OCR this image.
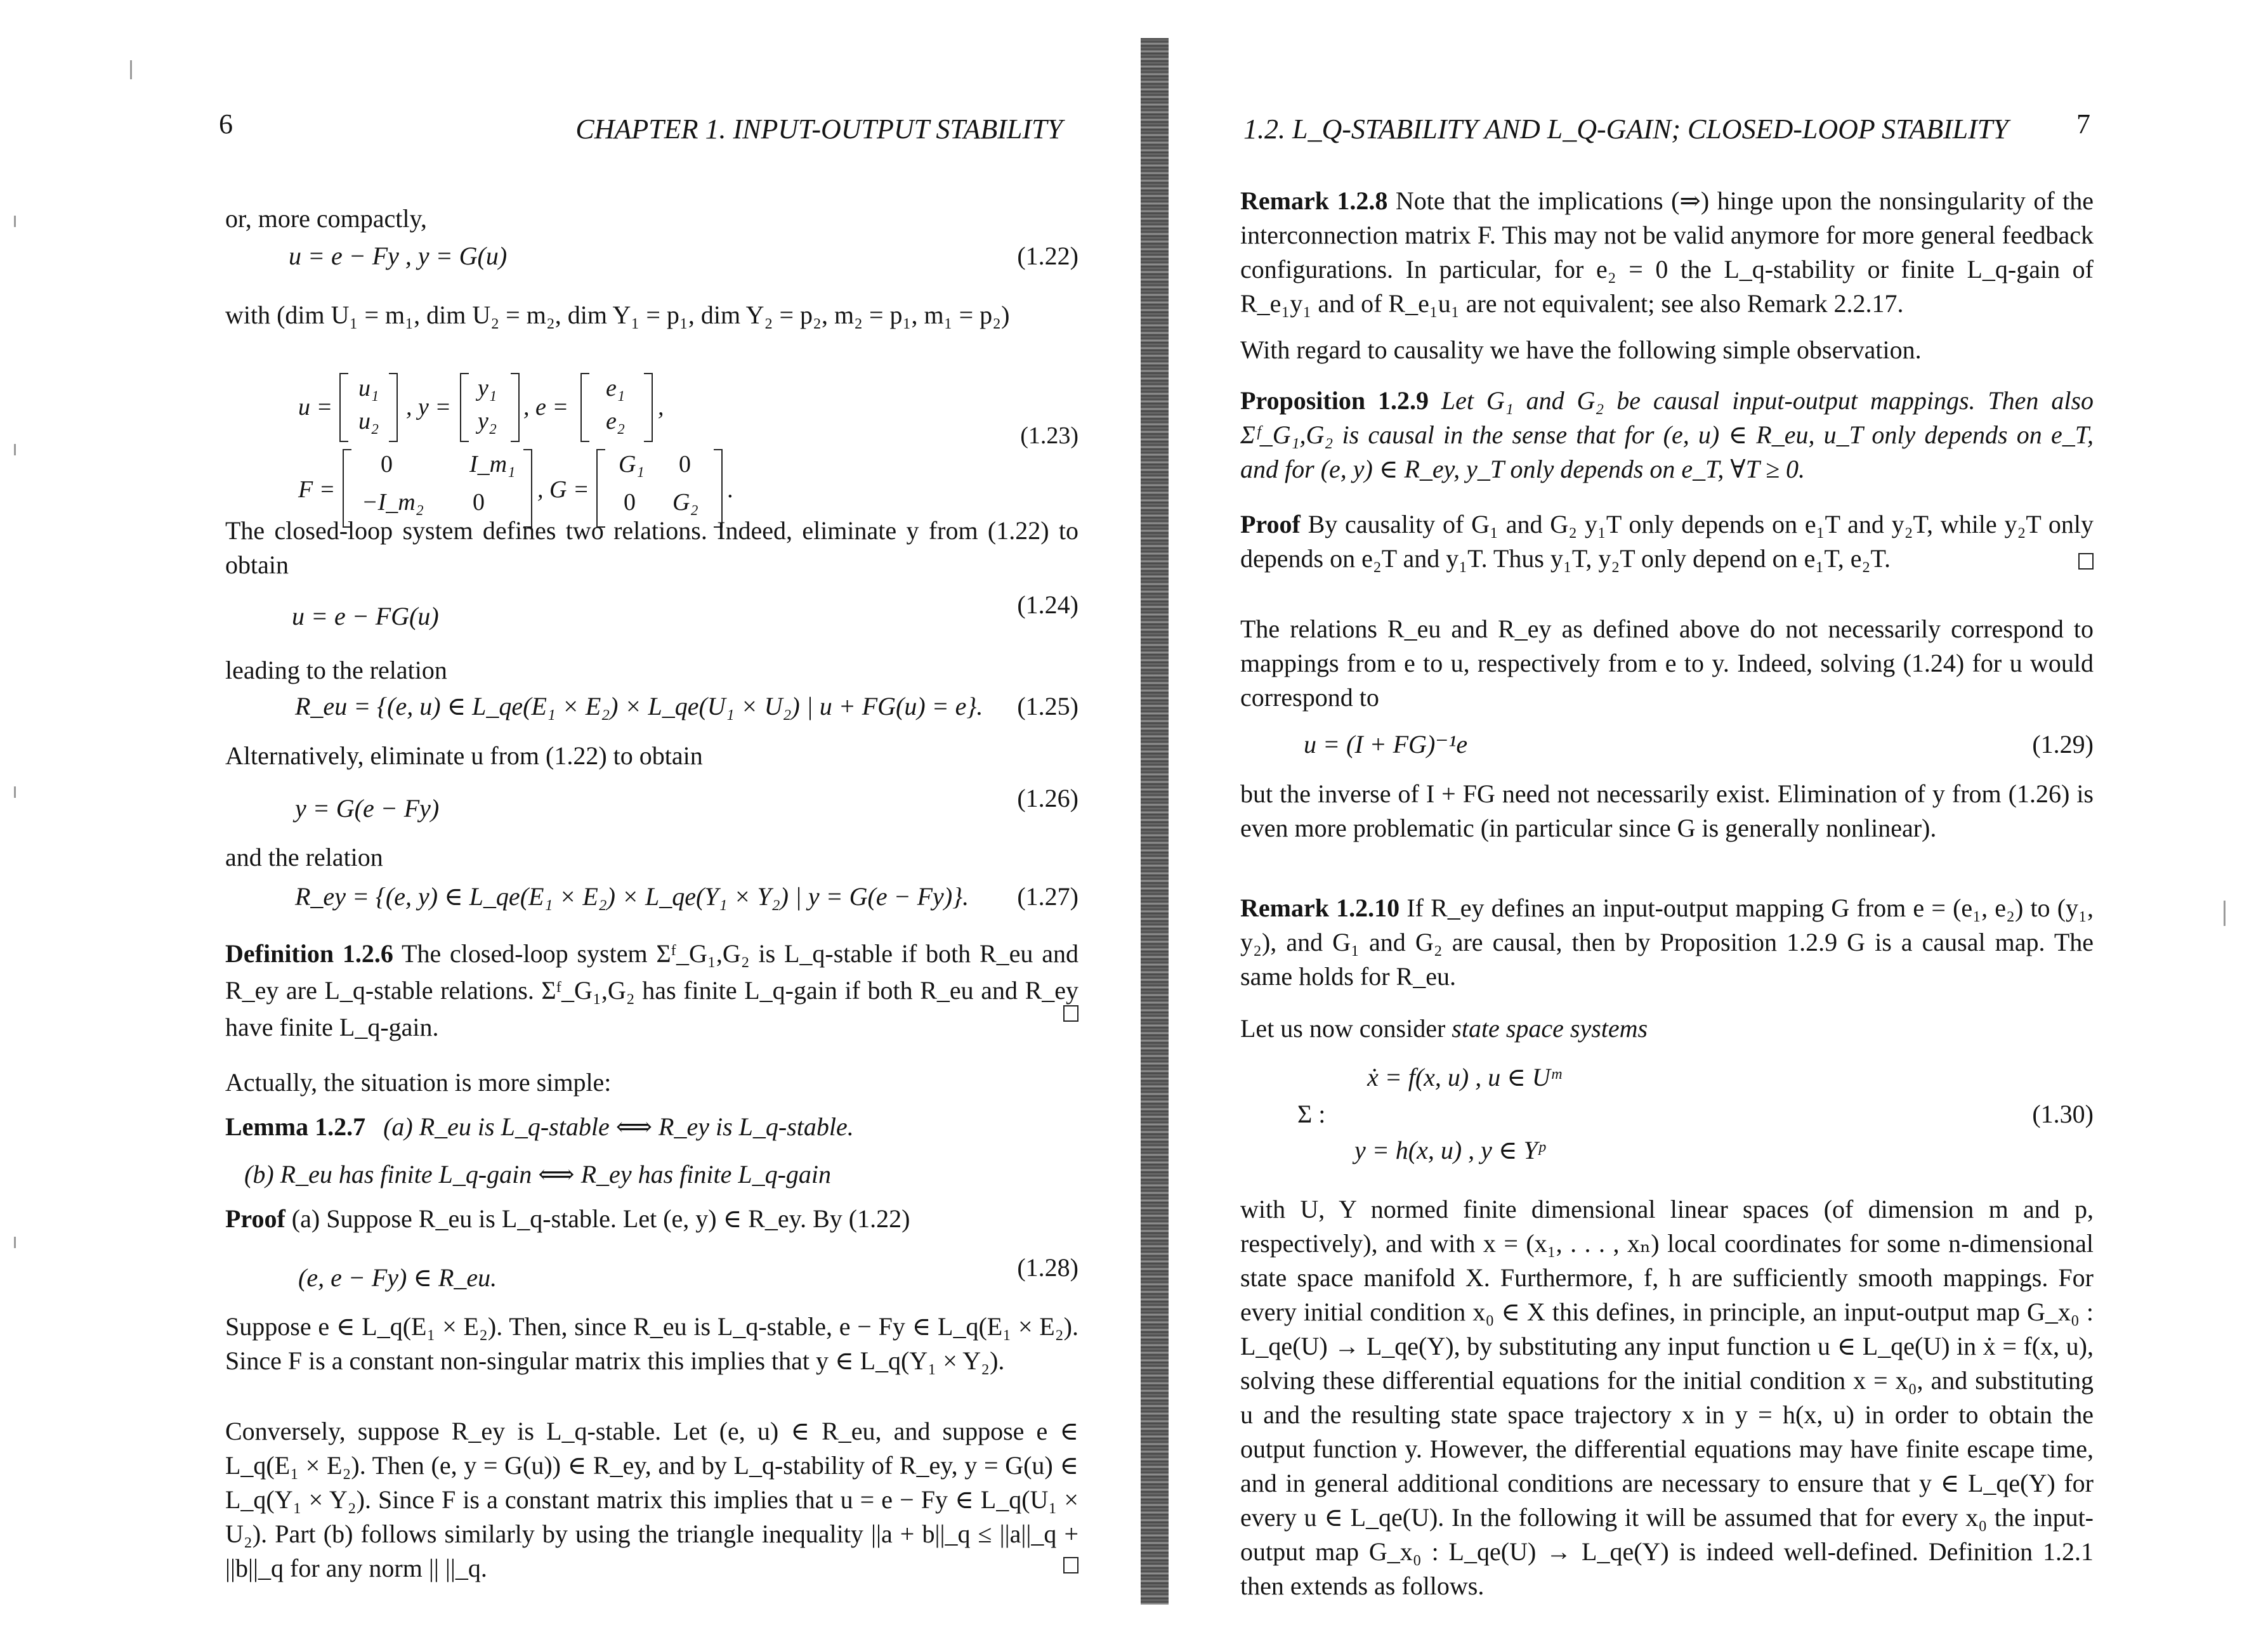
6	CHAPTER 1. INPUT-OUTPUT STABILITY
or, more compactly,
u = e − Fy , y = G(u)	(1.22)
with (dim U₁ = m₁, dim U₂ = m₂, dim Y₁ = p₁, dim Y₂ = p₂, m₂ = p₁, m₁ = p₂)
u =
u₁
u₂
, y =
y₁
y₂
, e =
e₁
e₂
,
F =
0	I_m₁
−I_m₂ 0 , G =
G₁ 0
0 G₂ .
(1.23)
The closed-loop system defines two relations. Indeed, eliminate y from (1.22) to obtain
u = e − FG(u)	(1.24)
leading to the relation
R_eu = {(e, u) ∈ L_qe(E₁ × E₂) × L_qe(U₁ × U₂) | u + FG(u) = e}. (1.25)
Alternatively, eliminate u from (1.22) to obtain
y = G(e − Fy)	(1.26)
and the relation
R_ey = {(e, y) ∈ L_qe(E₁ × E₂) × L_qe(Y₁ × Y₂) | y = G(e − Fy)}. (1.27)
Definition 1.2.6 The closed-loop system Σᶠ_G₁,G₂ is L_q-stable if both R_eu and R_ey are L_q-stable relations. Σᶠ_G₁,G₂ has finite L_q-gain if both R_eu and R_ey have finite L_q-gain.
Actually, the situation is more simple:
Lemma 1.2.7 (a) R_eu is L_q-stable ⟺ R_ey is L_q-stable.
(b) R_eu has finite L_q-gain ⟺ R_ey has finite L_q-gain
Proof (a) Suppose R_eu is L_q-stable. Let (e, y) ∈ R_ey. By (1.22)
(e, e − Fy) ∈ R_eu.	(1.28)
Suppose e ∈ L_q(E₁ × E₂). Then, since R_eu is L_q-stable, e − Fy ∈ L_q(E₁ × E₂). Since F is a constant non-singular matrix this implies that y ∈ L_q(Y₁ × Y₂).
Conversely, suppose R_ey is L_q-stable. Let (e, u) ∈ R_eu, and suppose e ∈ L_q(E₁ × E₂). Then (e, y = G(u)) ∈ R_ey, and by L_q-stability of R_ey, y = G(u) ∈ L_q(Y₁ × Y₂). Since F is a constant matrix this implies that u = e − Fy ∈ L_q(U₁ × U₂). Part (b) follows similarly by using the triangle inequality ||a + b||_q ≤ ||a||_q + ||b||_q for any norm || ||_q.
1.2. L_Q-STABILITY AND L_Q-GAIN; CLOSED-LOOP STABILITY 7
Remark 1.2.8 Note that the implications (⇒) hinge upon the nonsingularity of the interconnection matrix F. This may not be valid anymore for more general feedback configurations. In particular, for e₂ = 0 the L_q-stability or finite L_q-gain of R_e₁y₁ and of R_e₁u₁ are not equivalent; see also Remark 2.2.17.
With regard to causality we have the following simple observation.
Proposition 1.2.9 Let G₁ and G₂ be causal input-output mappings. Then also Σᶠ_G₁,G₂ is causal in the sense that for (e, u) ∈ R_eu, u_T only depends on e_T, and for (e, y) ∈ R_ey, y_T only depends on e_T, ∀T ≥ 0.
Proof By causality of G₁ and G₂ y₁T only depends on e₁T and y₂T, while y₂T only depends on e₂T and y₁T. Thus y₁T, y₂T only depend on e₁T, e₂T.
The relations R_eu and R_ey as defined above do not necessarily correspond to mappings from e to u, respectively from e to y. Indeed, solving (1.24) for u would correspond to
u = (I + FG)⁻¹e	(1.29)
but the inverse of I + FG need not necessarily exist. Elimination of y from (1.26) is even more problematic (in particular since G is generally nonlinear).
Remark 1.2.10 If R_ey defines an input-output mapping G from e = (e₁, e₂) to (y₁, y₂), and G₁ and G₂ are causal, then by Proposition 1.2.9 G is a causal map. The same holds for R_eu.
Let us now consider state space systems
Σ :
ẋ = f(x, u) , u ∈ Uᵐ
y = h(x, u) , y ∈ Yᵖ
(1.30)
with U, Y normed finite dimensional linear spaces (of dimension m and p, respectively), and with x = (x₁, . . . , xₙ) local coordinates for some n-dimensional state space manifold X. Furthermore, f, h are sufficiently smooth mappings. For every initial condition x₀ ∈ X this defines, in principle, an input-output map G_x₀ : L_qe(U) → L_qe(Y), by substituting any input function u ∈ L_qe(U) in ẋ = f(x, u), solving these differential equations for the initial condition x = x₀, and substituting u and the resulting state space trajectory x in y = h(x, u) in order to obtain the output function y. However, the differential equations may have finite escape time, and in general additional conditions are necessary to ensure that y ∈ L_qe(Y) for every u ∈ L_qe(U). In the following it will be assumed that for every x₀ the input-output map G_x₀ : L_qe(U) → L_qe(Y) is indeed well-defined. Definition 1.2.1 then extends as follows.
